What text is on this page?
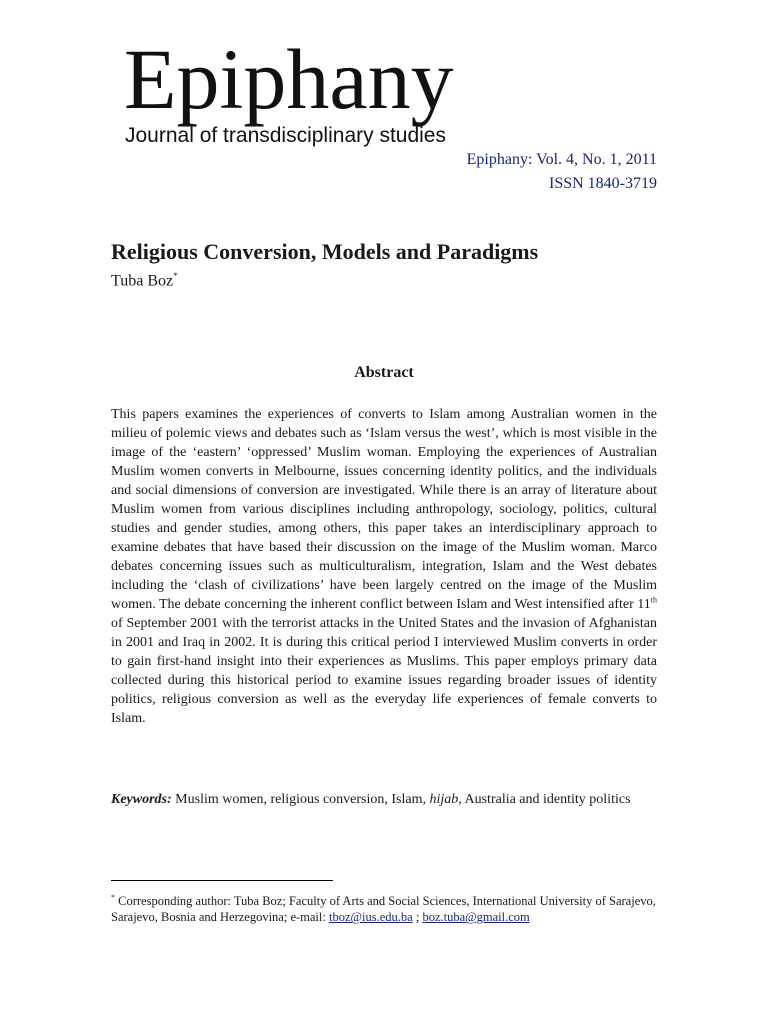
Epiphany
Journal of transdisciplinary studies
Epiphany: Vol. 4, No. 1, 2011
ISSN 1840-3719
Religious Conversion, Models and Paradigms
Tuba Boz*
Abstract

This papers examines the experiences of converts to Islam among Australian women in the milieu of polemic views and debates such as ‘Islam versus the west’, which is most visible in the image of the ‘eastern’ ‘oppressed’ Muslim woman. Employing the experiences of Australian Muslim women converts in Melbourne, issues concerning identity politics, and the individuals and social dimensions of conversion are investigated. While there is an array of literature about Muslim women from various disciplines including anthropology, sociology, politics, cultural studies and gender studies, among others, this paper takes an interdisciplinary approach to examine debates that have based their discussion on the image of the Muslim woman. Marco debates concerning issues such as multiculturalism, integration, Islam and the West debates including the ‘clash of civilizations’ have been largely centred on the image of the Muslim women. The debate concerning the inherent conflict between Islam and West intensified after 11th of September 2001 with the terrorist attacks in the United States and the invasion of Afghanistan in 2001 and Iraq in 2002. It is during this critical period I interviewed Muslim converts in order to gain first-hand insight into their experiences as Muslims. This paper employs primary data collected during this historical period to examine issues regarding broader issues of identity politics, religious conversion as well as the everyday life experiences of female converts to Islam.

Keywords: Muslim women, religious conversion, Islam, hijab, Australia and identity politics

* Corresponding author: Tuba Boz; Faculty of Arts and Social Sciences, International University of Sarajevo, Sarajevo, Bosnia and Herzegovina; e-mail: tboz@ius.edu.ba ; boz.tuba@gmail.com
